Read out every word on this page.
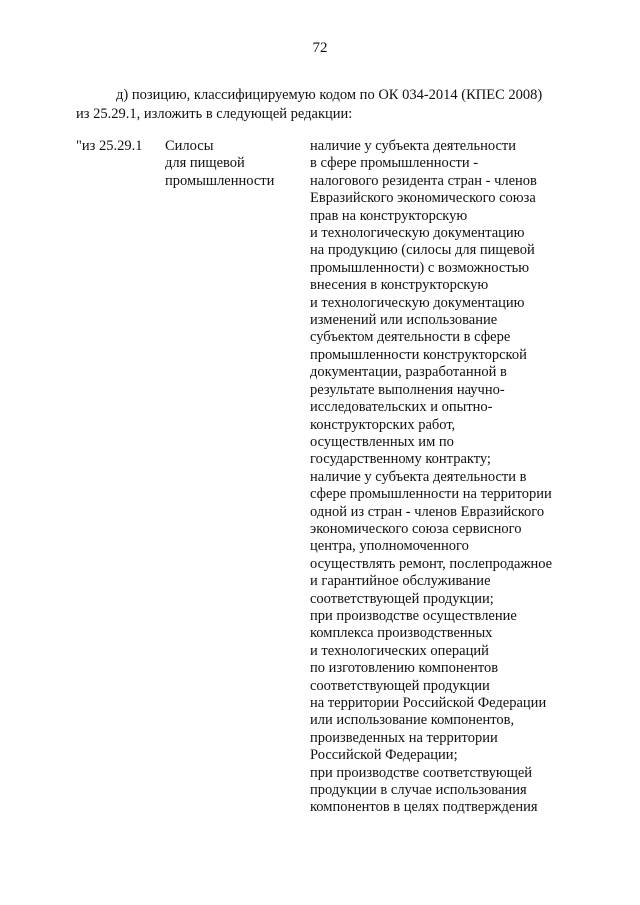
72
д) позицию, классифицируемую кодом по ОК 034-2014 (КПЕС 2008)
из 25.29.1, изложить в следующей редакции:
"из 25.29.1	Силосы
для пищевой
промышленности
наличие у субъекта деятельности
в сфере промышленности -
налогового резидента стран - членов
Евразийского экономического союза
прав на конструкторскую
и технологическую документацию
на продукцию (силосы для пищевой
промышленности) с возможностью
внесения в конструкторскую
и технологическую документацию
изменений или использование
субъектом деятельности в сфере
промышленности конструкторской
документации, разработанной в
результате выполнения научно-
исследовательских и опытно-
конструкторских работ,
осуществленных им по
государственному контракту;
наличие у субъекта деятельности в
сфере промышленности на территории
одной из стран - членов Евразийского
экономического союза сервисного
центра, уполномоченного
осуществлять ремонт, послепродажное
и гарантийное обслуживание
соответствующей продукции;
при производстве осуществление
комплекса производственных
и технологических операций
по изготовлению компонентов
соответствующей продукции
на территории Российской Федерации
или использование компонентов,
произведенных на территории
Российской Федерации;
при производстве соответствующей
продукции в случае использования
компонентов в целях подтверждения
